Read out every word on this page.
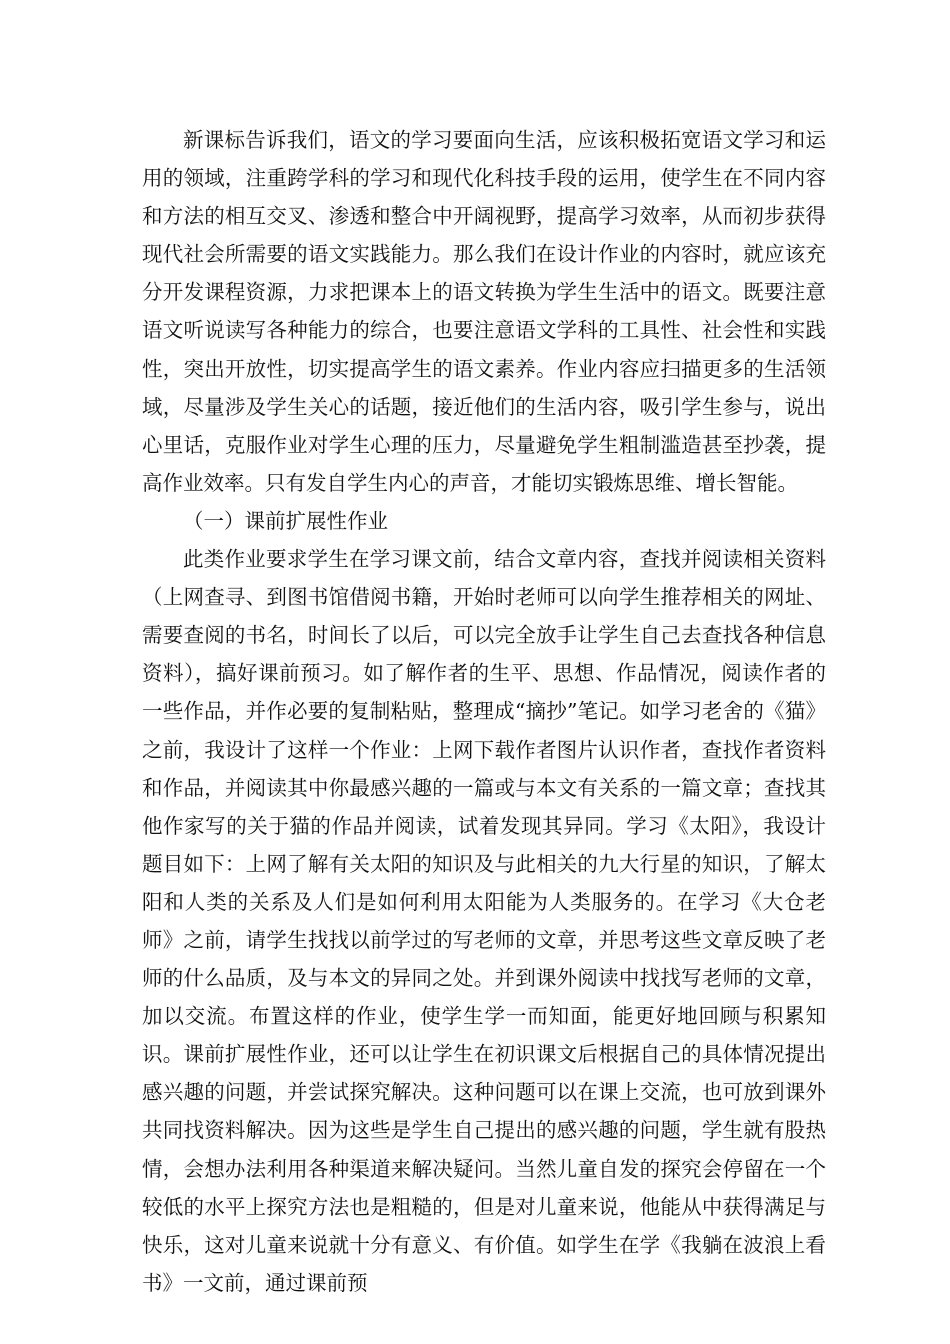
新课标告诉我们，语文的学习要面向生活，应该积极拓宽语文学习和运用的领域，注重跨学科的学习和现代化科技手段的运用，使学生在不同内容和方法的相互交叉、渗透和整合中开阔视野，提高学习效率，从而初步获得现代社会所需要的语文实践能力。那么我们在设计作业的内容时，就应该充分开发课程资源，力求把课本上的语文转换为学生生活中的语文。既要注意语文听说读写各种能力的综合，也要注意语文学科的工具性、社会性和实践性，突出开放性，切实提高学生的语文素养。作业内容应扫描更多的生活领域，尽量涉及学生关心的话题，接近他们的生活内容，吸引学生参与，说出心里话，克服作业对学生心理的压力，尽量避免学生粗制滥造甚至抄袭，提高作业效率。只有发自学生内心的声音，才能切实锻炼思维、增长智能。

（一）课前扩展性作业

此类作业要求学生在学习课文前，结合文章内容，查找并阅读相关资料（上网查寻、到图书馆借阅书籍，开始时老师可以向学生推荐相关的网址、需要查阅的书名，时间长了以后，可以完全放手让学生自己去查找各种信息资料），搞好课前预习。如了解作者的生平、思想、作品情况，阅读作者的一些作品，并作必要的复制粘贴，整理成“摘抄”笔记。如学习老舍的《猫》之前，我设计了这样一个作业：上网下载作者图片认识作者，查找作者资料和作品，并阅读其中你最感兴趣的一篇或与本文有关系的一篇文章；查找其他作家写的关于猫的作品并阅读，试着发现其异同。学习《太阳》，我设计题目如下：上网了解有关太阳的知识及与此相关的九大行星的知识，了解太阳和人类的关系及人们是如何利用太阳能为人类服务的。在学习《大仓老师》之前，请学生找找以前学过的写老师的文章，并思考这些文章反映了老师的什么品质，及与本文的异同之处。并到课外阅读中找找写老师的文章，加以交流。布置这样的作业，使学生学一而知面，能更好地回顾与积累知识。课前扩展性作业，还可以让学生在初识课文后根据自己的具体情况提出感兴趣的问题，并尝试探究解决。这种问题可以在课上交流，也可放到课外共同找资料解决。因为这些是学生自己提出的感兴趣的问题，学生就有股热情，会想办法利用各种渠道来解决疑问。当然儿童自发的探究会停留在一个较低的水平上探究方法也是粗糙的，但是对儿童来说，他能从中获得满足与快乐，这对儿童来说就十分有意义、有价值。如学生在学《我躺在波浪上看书》一文前，通过课前预
